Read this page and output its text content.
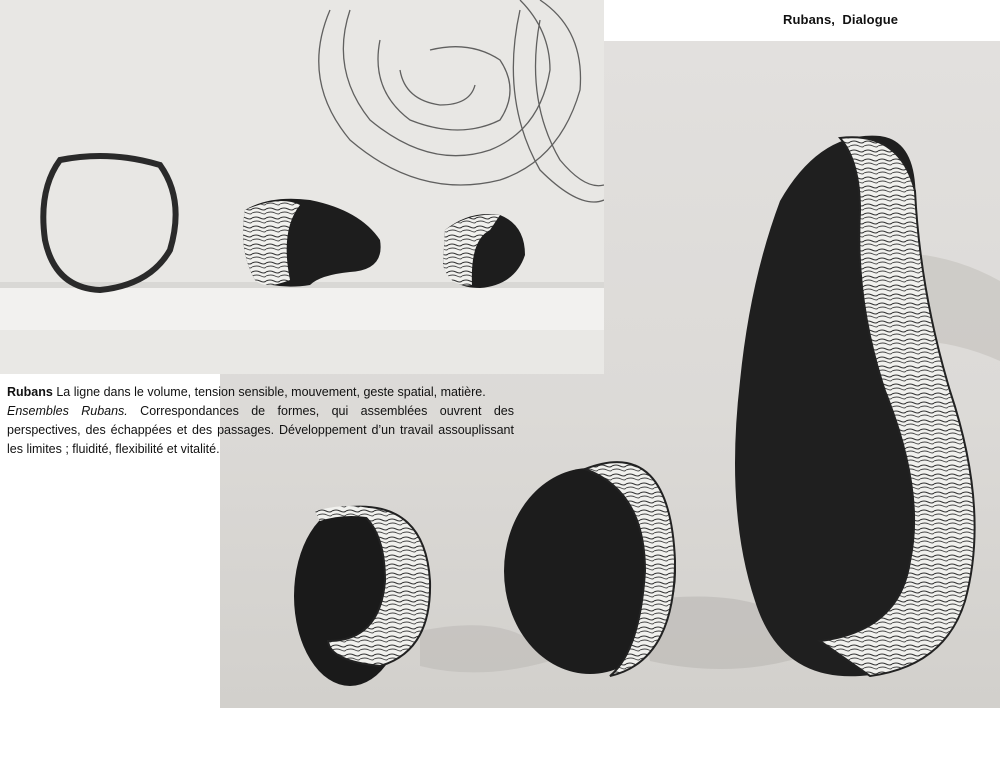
Rubans,  Dialogue

Rubans La ligne dans le volume, tension sensible, mouvement, geste spatial, matière.

Ensembles Rubans. Correspondances de formes, qui assemblées ouvrent des perspectives, des échappées et des passages. Développement d’un travail assouplissant les limites ; fluidité, flexibilité et vitalité.
